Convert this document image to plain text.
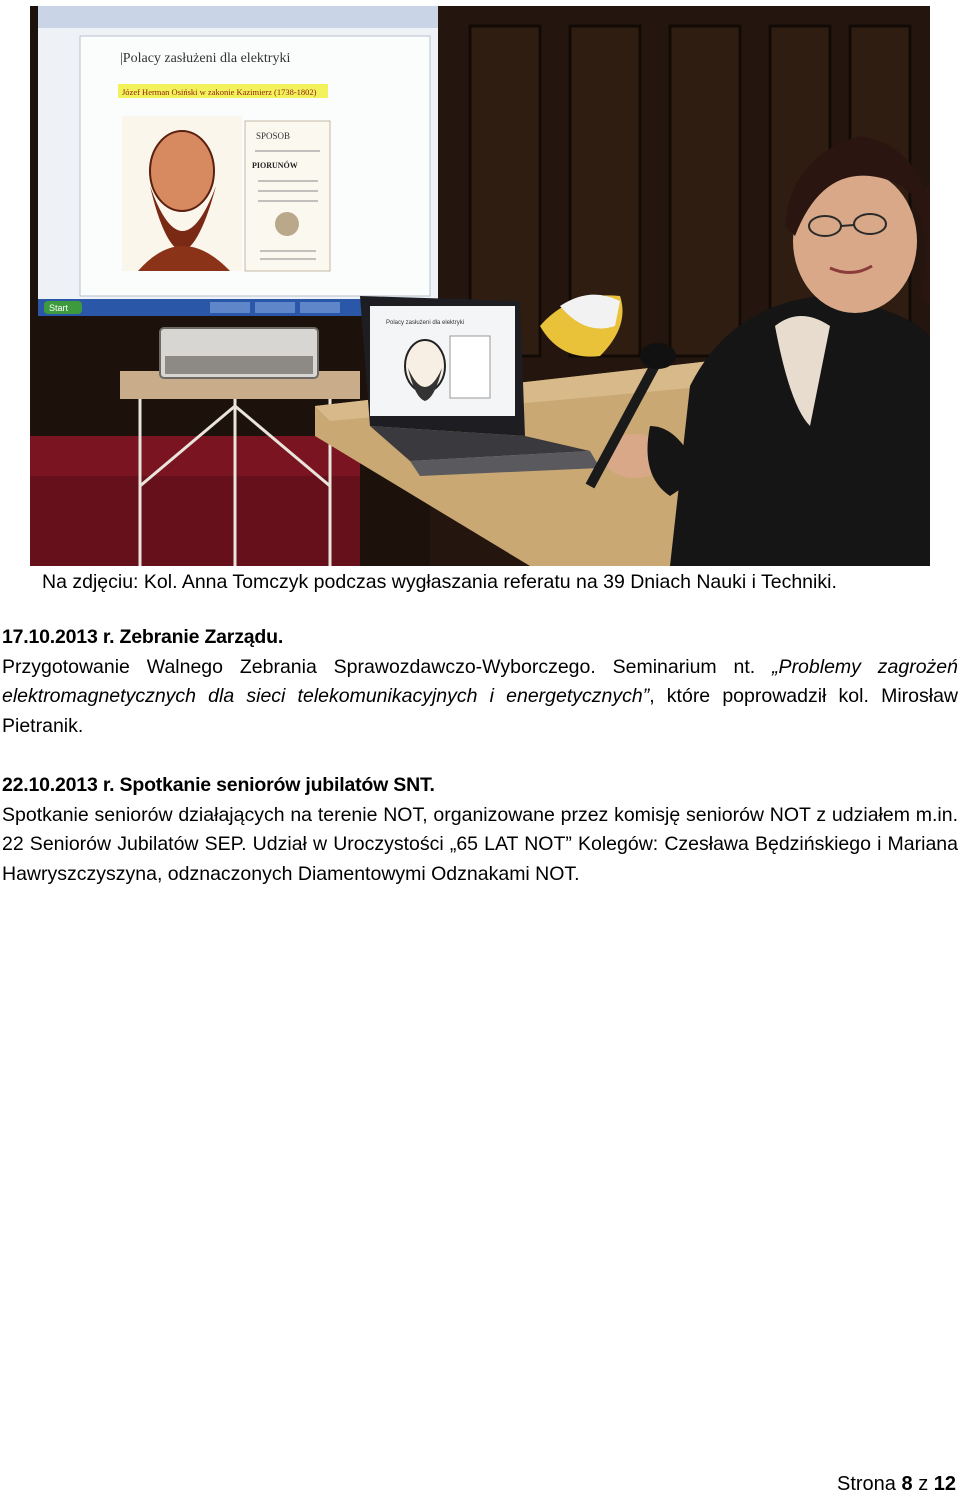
|Polacy zasłużeni dla elektryki
Józef Herman Osiński w zakonie Kazimierz (1738-1802)
SPOSOB
PIORUNÓW
Start
Polacy zasłużeni dla elektryki
Na zdjęciu: Kol. Anna Tomczyk podczas wygłaszania referatu na 39 Dniach Nauki i Techniki.
17.10.2013 r. Zebranie Zarządu.

Przygotowanie Walnego Zebrania Sprawozdawczo-Wyborczego. Seminarium nt. „Problemy zagrożeń elektromagnetycznych dla sieci telekomunikacyjnych i energetycznych”, które poprowadził kol. Mirosław Pietranik.

22.10.2013 r. Spotkanie seniorów jubilatów SNT.

Spotkanie seniorów działających na terenie NOT, organizowane przez komisję seniorów NOT z udziałem m.in. 22 Seniorów Jubilatów SEP. Udział w Uroczystości „65 LAT NOT” Kolegów: Czesława Będzińskiego i Mariana Hawryszczyszyna, odznaczonych Diamentowymi Odznakami NOT.

Strona 8 z 12
